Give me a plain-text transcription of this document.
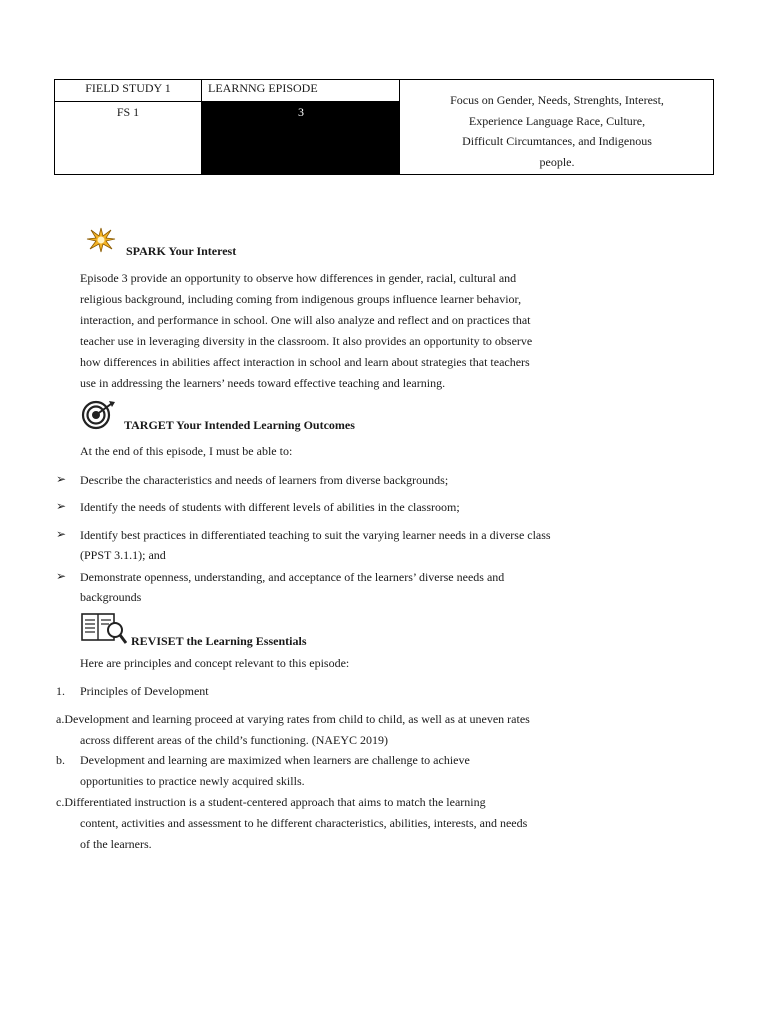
FIELD STUDY 1	LEARNNG EPISODE
FS 1	3
Focus on Gender, Needs, Strenghts, Interest,
Experience Language Race, Culture,
Difficult Circumtances, and Indigenous
people.
SPARK Your Interest
Episode 3 provide an opportunity to observe how differences in gender, racial, cultural and
religious background, including coming from indigenous groups influence learner behavior,
interaction, and performance in school. One will also analyze and reflect and on practices that
teacher use in leveraging diversity in the classroom. It also provides an opportunity to observe
how differences in abilities affect interaction in school and learn about strategies that teachers
use in addressing the learners’ needs toward effective teaching and learning.
TARGET Your Intended Learning Outcomes
At the end of this episode, I must be able to:
➢ Describe the characteristics and needs of learners from diverse backgrounds;
➢ Identify the needs of students with different levels of abilities in the classroom;
➢ Identify best practices in differentiated teaching to suit the varying learner needs in a diverse class
(PPST 3.1.1); and
➢ Demonstrate openness, understanding, and acceptance of the learners’ diverse needs and
backgrounds
REVISET the Learning Essentials
Here are principles and concept relevant to this episode:
1. Principles of Development
a.Development and learning proceed at varying rates from child to child, as well as at uneven rates
across different areas of the child’s functioning. (NAEYC 2019)
b. Development and learning are maximized when learners are challenge to achieve
opportunities to practice newly acquired skills.
c.Differentiated instruction is a student-centered approach that aims to match the learning
content, activities and assessment to he different characteristics, abilities, interests, and needs
of the learners.
